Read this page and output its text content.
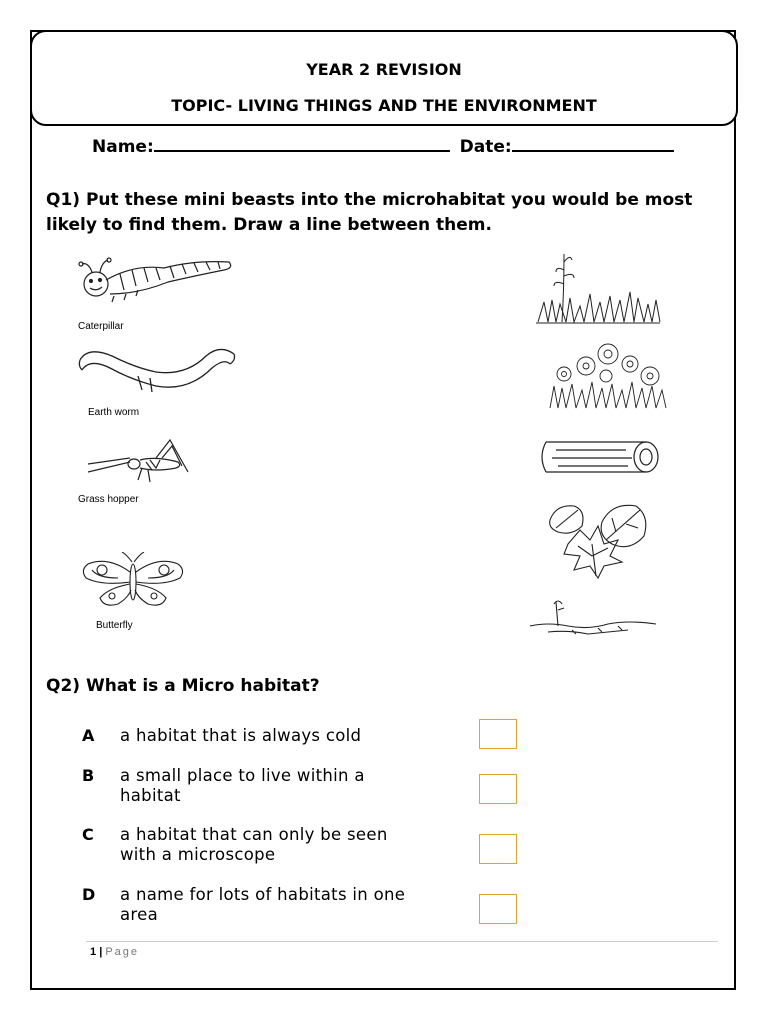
YEAR 2 REVISION
TOPIC- LIVING THINGS AND THE ENVIRONMENT
Name:	Date:
Q1) Put these mini beasts into the microhabitat you would be most likely to find them. Draw a line between them.
Caterpillar
Earth worm
Grass hopper
Butterfly
Q2) What is a Micro habitat?
A a habitat that is always cold
B a small place to live within a habitat
C a habitat that can only be seen with a microscope
D a name for lots of habitats in one area
1 | Page
